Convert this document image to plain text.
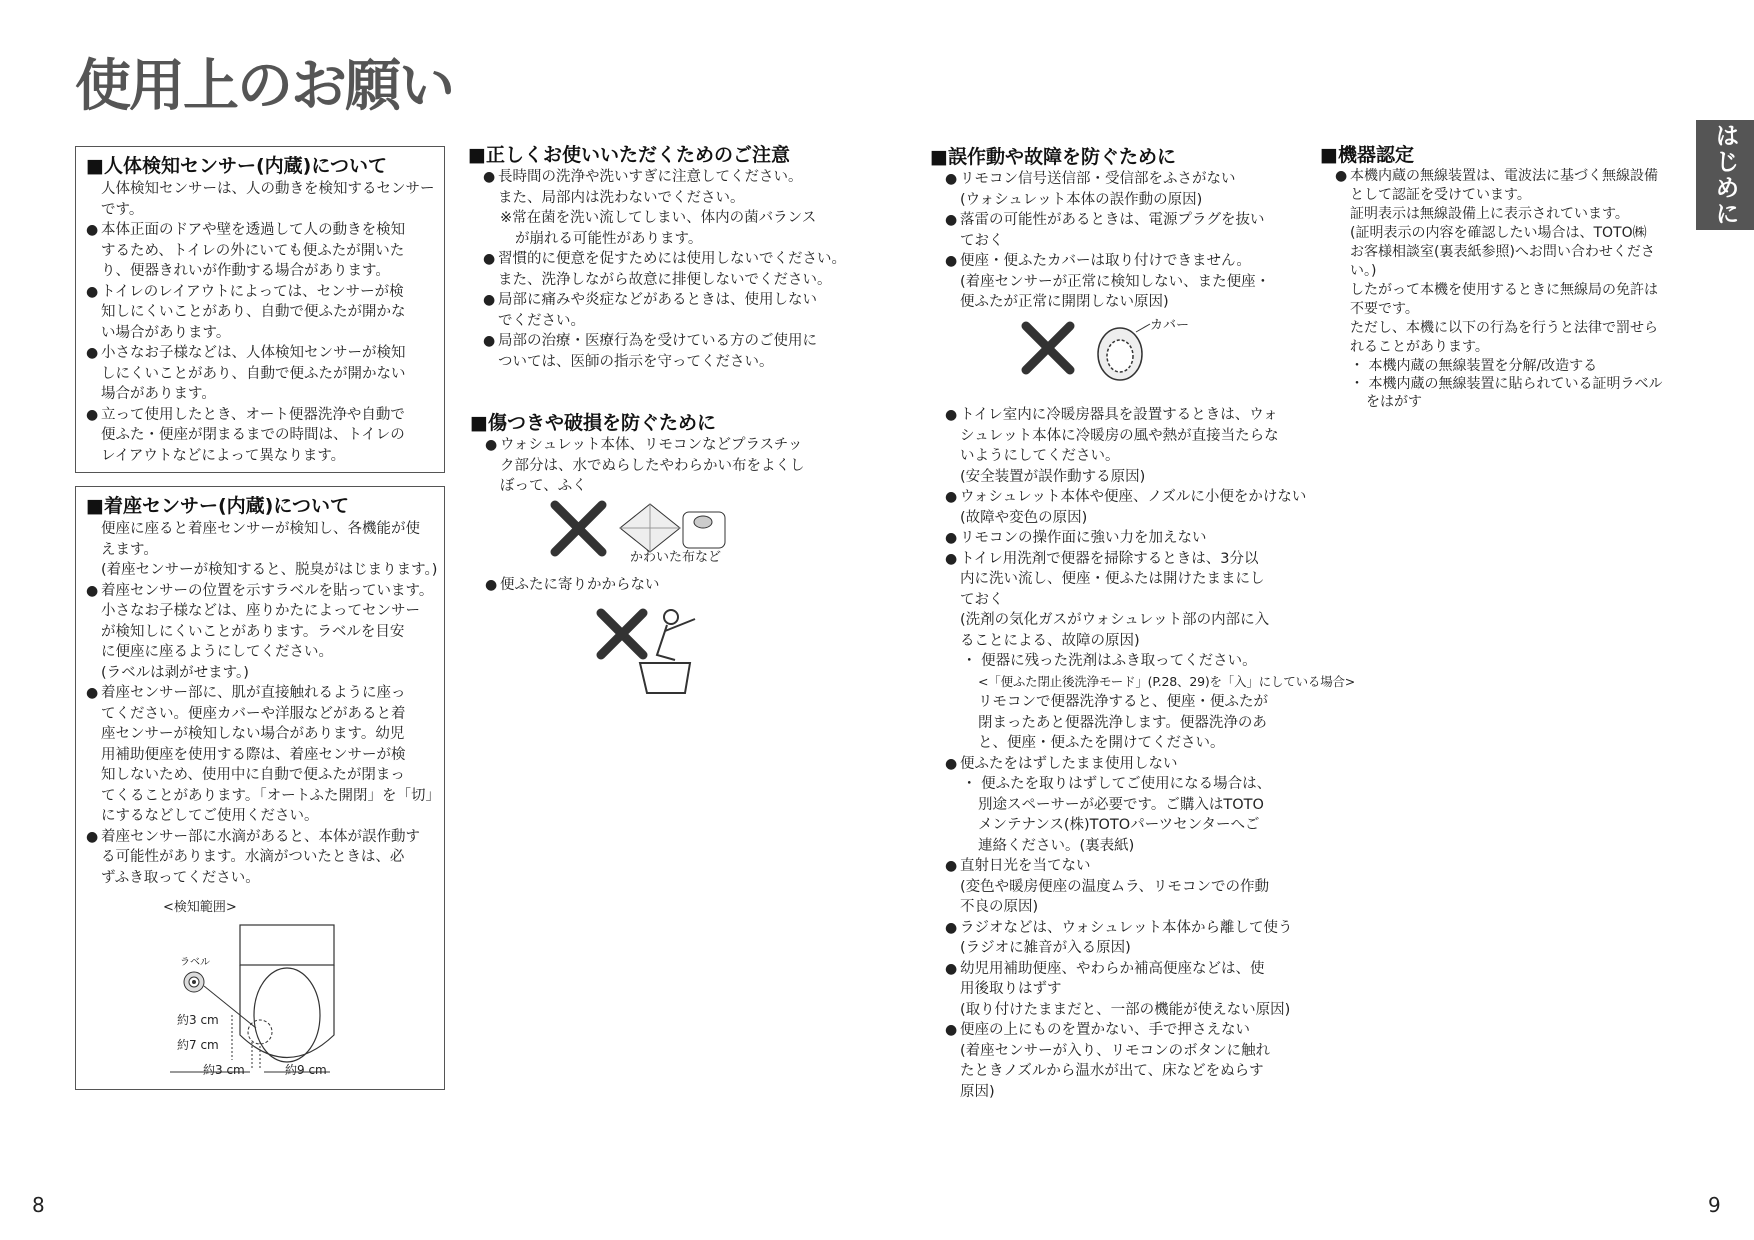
使用上のお願い
はじめに
■人体検知センサー(内蔵)について
人体検知センサーは、人の動きを検知するセンサー
です。
● 本体正面のドアや壁を透過して人の動きを検知
するため、トイレの外にいても便ふたが開いた
り、便器きれいが作動する場合があります。
● トイレのレイアウトによっては、センサーが検
知しにくいことがあり、自動で便ふたが開かな
い場合があります。
● 小さなお子様などは、人体検知センサーが検知
しにくいことがあり、自動で便ふたが開かない
場合があります。
● 立って使用したとき、オート便器洗浄や自動で
便ふた・便座が閉まるまでの時間は、トイレの
レイアウトなどによって異なります。
■着座センサー(内蔵)について
便座に座ると着座センサーが検知し、各機能が使
えます。
(着座センサーが検知すると、脱臭がはじまります。)
● 着座センサーの位置を示すラベルを貼っています。
小さなお子様などは、座りかたによってセンサー
が検知しにくいことがあります。ラベルを目安
に便座に座るようにしてください。
(ラベルは剥がせます。)
● 着座センサー部に、肌が直接触れるように座っ
てください。便座カバーや洋服などがあると着
座センサーが検知しない場合があります。幼児
用補助便座を使用する際は、着座センサーが検
知しないため、使用中に自動で便ふたが閉まっ
てくることがあります。「オートふた開閉」を「切」
にするなどしてご使用ください。
● 着座センサー部に水滴があると、本体が誤作動す
る可能性があります。水滴がついたときは、必
ずふき取ってください。
<検知範囲>
ラベル
約3 cm
約7 cm
約3 cm	約9 cm
■正しくお使いいただくためのご注意
● 長時間の洗浄や洗いすぎに注意してください。
また、局部内は洗わないでください。
※常在菌を洗い流してしまい、体内の菌バランス
が崩れる可能性があります。
● 習慣的に便意を促すためには使用しないでください。
また、洗浄しながら故意に排便しないでください。
● 局部に痛みや炎症などがあるときは、使用しない
でください。
● 局部の治療・医療行為を受けている方のご使用に
ついては、医師の指示を守ってください。
■傷つきや破損を防ぐために
● ウォシュレット本体、リモコンなどプラスチッ
ク部分は、水でぬらしたやわらかい布をよくし
ぼって、ふく
かわいた布など
● 便ふたに寄りかからない
■誤作動や故障を防ぐために
● リモコン信号送信部・受信部をふさがない
(ウォシュレット本体の誤作動の原因)
● 落雷の可能性があるときは、電源プラグを抜い
ておく
● 便座・便ふたカバーは取り付けできません。
(着座センサーが正常に検知しない、また便座・
便ふたが正常に開閉しない原因)
カバー
● トイレ室内に冷暖房器具を設置するときは、ウォ
シュレット本体に冷暖房の風や熱が直接当たらな
いようにしてください。
(安全装置が誤作動する原因)
● ウォシュレット本体や便座、ノズルに小便をかけない
(故障や変色の原因)
● リモコンの操作面に強い力を加えない
● トイレ用洗剤で便器を掃除するときは、3分以
内に洗い流し、便座・便ふたは開けたままにし
ておく
(洗剤の気化ガスがウォシュレット部の内部に入
ることによる、故障の原因)
・ 便器に残った洗剤はふき取ってください。
<「便ふた閉止後洗浄モード」(P.28、29)を「入」にしている場合>
リモコンで便器洗浄すると、便座・便ふたが
閉まったあと便器洗浄します。便器洗浄のあ
と、便座・便ふたを開けてください。
● 便ふたをはずしたまま使用しない
・ 便ふたを取りはずしてご使用になる場合は、
別途スペーサーが必要です。ご購入はTOTO
メンテナンス(株)TOTOパーツセンターへご
連絡ください。(裏表紙)
● 直射日光を当てない
(変色や暖房便座の温度ムラ、リモコンでの作動
不良の原因)
● ラジオなどは、ウォシュレット本体から離して使う
(ラジオに雑音が入る原因)
● 幼児用補助便座、やわらか補高便座などは、使
用後取りはずす
(取り付けたままだと、一部の機能が使えない原因)
● 便座の上にものを置かない、手で押さえない
(着座センサーが入り、リモコンのボタンに触れ
たときノズルから温水が出て、床などをぬらす
原因)
■機器認定
● 本機内蔵の無線装置は、電波法に基づく無線設備
として認証を受けています。
証明表示は無線設備上に表示されています。
(証明表示の内容を確認したい場合は、TOTO㈱
お客様相談室(裏表紙参照)へお問い合わせくださ
い。)
したがって本機を使用するときに無線局の免許は
不要です。
ただし、本機に以下の行為を行うと法律で罰せら
れることがあります。
・ 本機内蔵の無線装置を分解/改造する
・ 本機内蔵の無線装置に貼られている証明ラベル
をはがす
8	9
